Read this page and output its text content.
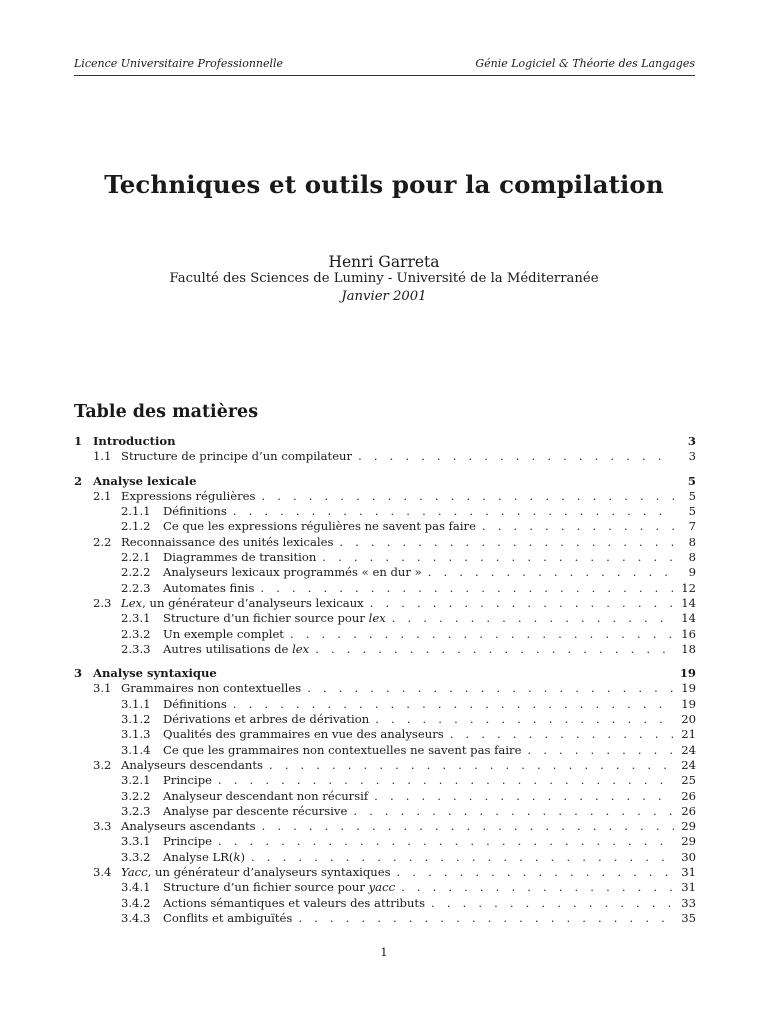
Licence Universitaire Professionnelle	Génie Logiciel & Théorie des Langages
Techniques et outils pour la compilation
Henri Garreta
Faculté des Sciences de Luminy - Université de la Méditerranée
Janvier 2001
Table des matières
1 Introduction	3
1.1 Structure de principe d’un compilateur . . .	3
2 Analyse lexicale	5
2.1 Expressions régulières . . .	5
2.1.1	Définitions . . .	5
2.1.2	Ce que les expressions régulières ne savent pas faire . . .	7
2.2 Reconnaissance des unités lexicales . . .	8
2.2.1	Diagrammes de transition . . .	8
2.2.2	Analyseurs lexicaux programmés « en dur » . . .	9
2.2.3	Automates finis . . .	12
2.3 Lex, un générateur d’analyseurs lexicaux . . .	14
2.3.1	Structure d’un fichier source pour lex . . .	14
2.3.2	Un exemple complet . . .	16
2.3.3	Autres utilisations de lex . . .	18
3 Analyse syntaxique	19
3.1 Grammaires non contextuelles . . .	19
3.1.1	Définitions . . .	19
3.1.2	Dérivations et arbres de dérivation . . .	20
3.1.3	Qualités des grammaires en vue des analyseurs . . .	21
3.1.4	Ce que les grammaires non contextuelles ne savent pas faire . . .	24
3.2 Analyseurs descendants . . .	24
3.2.1	Principe . . .	25
3.2.2	Analyseur descendant non récursif . . .	26
3.2.3	Analyse par descente récursive . . .	26
3.3 Analyseurs ascendants . . .	29
3.3.1	Principe . . .	29
3.3.2	Analyse LR(k) . . .	30
3.4 Yacc, un générateur d’analyseurs syntaxiques . . .	31
3.4.1	Structure d’un fichier source pour yacc . . .	31
3.4.2	Actions sémantiques et valeurs des attributs . . .	33
3.4.3	Conflits et ambiguïtés . . .	35
1
